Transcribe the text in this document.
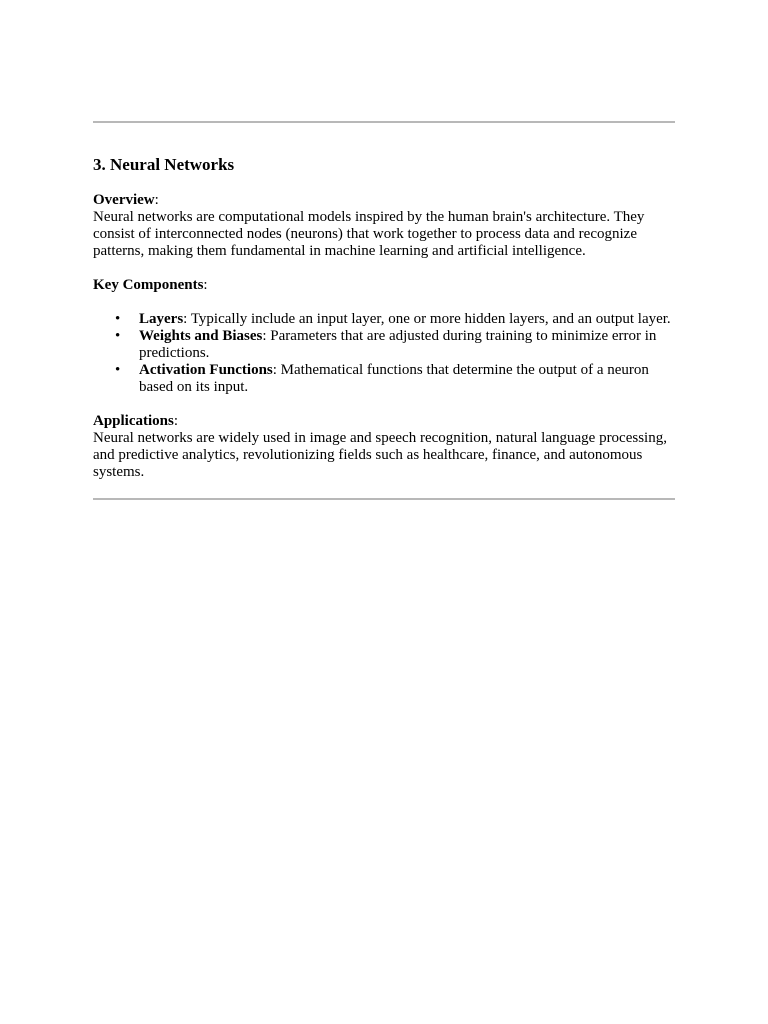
3. Neural Networks
Overview:

Neural networks are computational models inspired by the human brain's architecture. They consist of interconnected nodes (neurons) that work together to process data and recognize patterns, making them fundamental in machine learning and artificial intelligence.

Key Components:
• Layers: Typically include an input layer, one or more hidden layers, and an output layer.
• Weights and Biases: Parameters that are adjusted during training to minimize error in predictions.
• Activation Functions: Mathematical functions that determine the output of a neuron based on its input.
Applications:

Neural networks are widely used in image and speech recognition, natural language processing, and predictive analytics, revolutionizing fields such as healthcare, finance, and autonomous systems.
